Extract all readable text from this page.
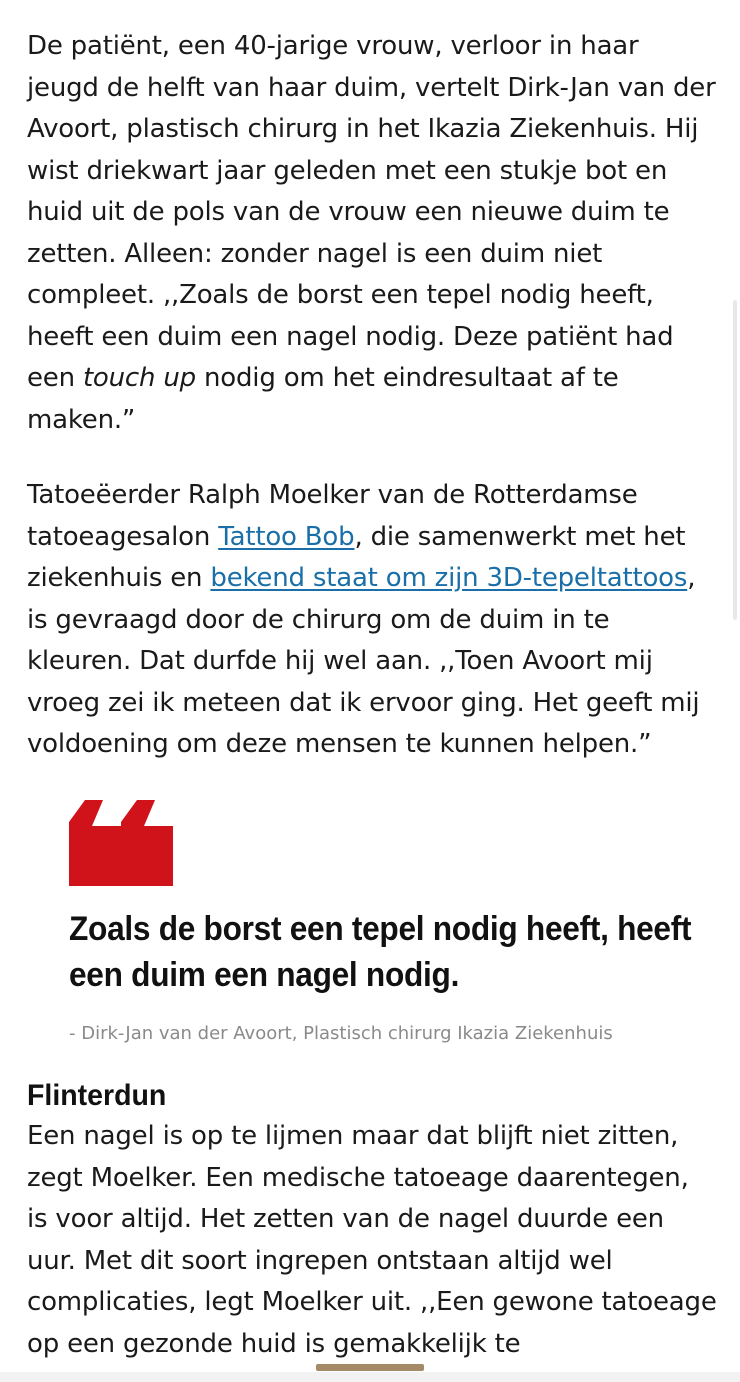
De patiënt, een 40-jarige vrouw, verloor in haar jeugd de helft van haar duim, vertelt Dirk-Jan van der Avoort, plastisch chirurg in het Ikazia Ziekenhuis. Hij wist driekwart jaar geleden met een stukje bot en huid uit de pols van de vrouw een nieuwe duim te zetten. Alleen: zonder nagel is een duim niet compleet. ,,Zoals de borst een tepel nodig heeft, heeft een duim een nagel nodig. Deze patiënt had een touch up nodig om het eindresultaat af te maken.”

Tatoeëerder Ralph Moelker van de Rotterdamse tatoeagesalon Tattoo Bob, die samenwerkt met het ziekenhuis en bekend staat om zijn 3D-tepeltattoos, is gevraagd door de chirurg om de duim in te kleuren. Dat durfde hij wel aan. ,,Toen Avoort mij vroeg zei ik meteen dat ik ervoor ging. Het geeft mij voldoening om deze mensen te kunnen helpen.”

Zoals de borst een tepel nodig heeft, heeft een duim een nagel nodig.
- Dirk-Jan van der Avoort, Plastisch chirurg Ikazia Ziekenhuis
Flinterdun

Een nagel is op te lijmen maar dat blijft niet zitten, zegt Moelker. Een medische tatoeage daarentegen, is voor altijd. Het zetten van de nagel duurde een uur. Met dit soort ingrepen ontstaan altijd wel complicaties, legt Moelker uit. ,,Een gewone tatoeage op een gezonde huid is gemakkelijk te
